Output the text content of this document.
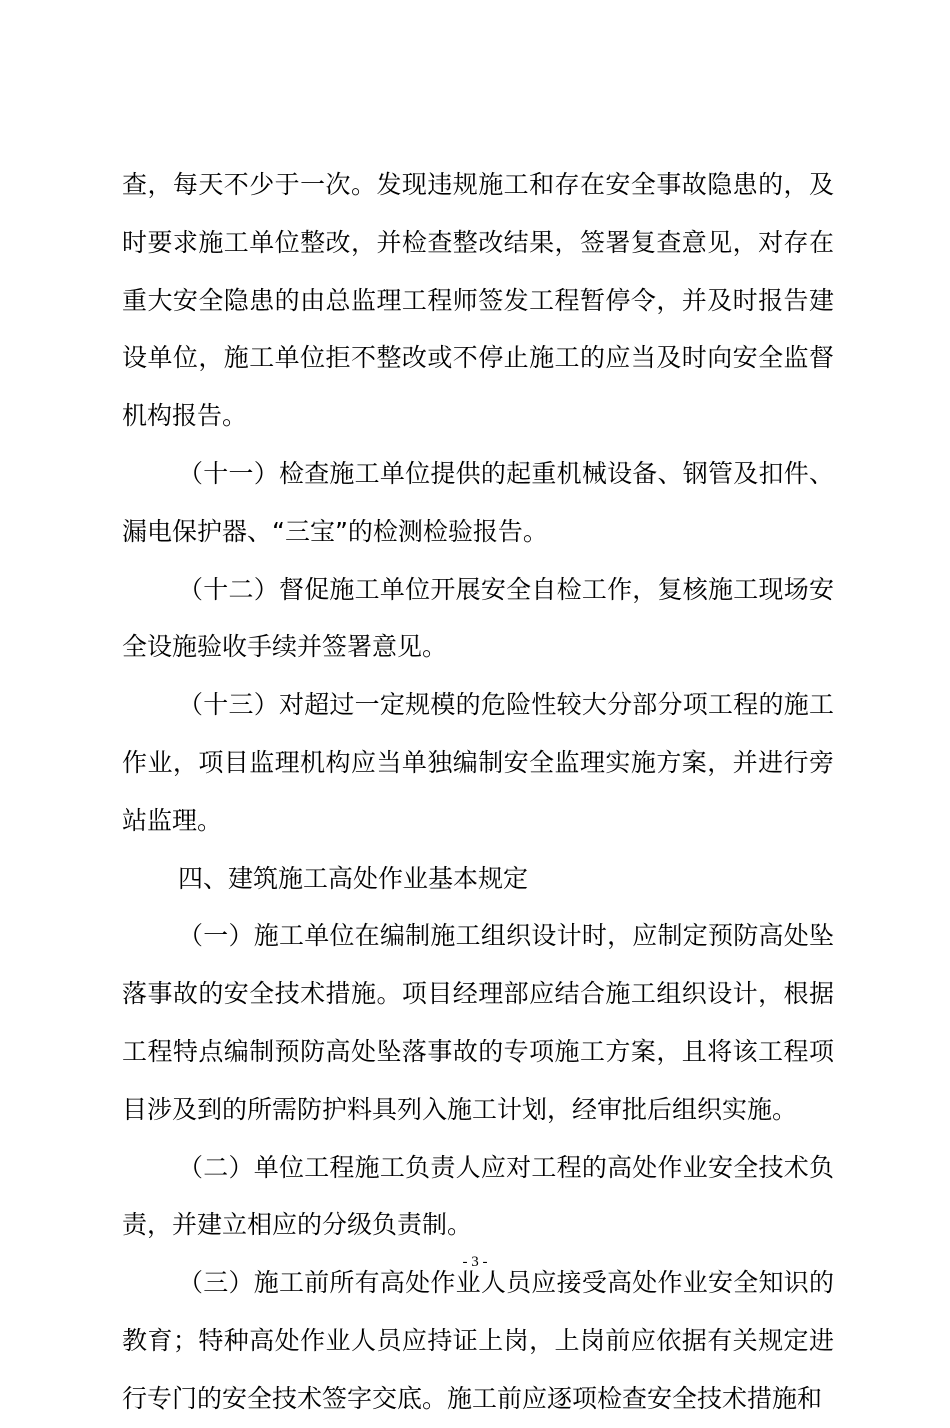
查，每天不少于一次。发现违规施工和存在安全事故隐患的，及时要求施工单位整改，并检查整改结果，签署复查意见，对存在重大安全隐患的由总监理工程师签发工程暂停令，并及时报告建设单位，施工单位拒不整改或不停止施工的应当及时向安全监督机构报告。

（十一）检查施工单位提供的起重机械设备、钢管及扣件、漏电保护器、“三宝”的检测检验报告。

（十二）督促施工单位开展安全自检工作，复核施工现场安全设施验收手续并签署意见。

（十三）对超过一定规模的危险性较大分部分项工程的施工作业，项目监理机构应当单独编制安全监理实施方案，并进行旁站监理。

四、建筑施工高处作业基本规定

（一）施工单位在编制施工组织设计时，应制定预防高处坠落事故的安全技术措施。项目经理部应结合施工组织设计，根据工程特点编制预防高处坠落事故的专项施工方案，且将该工程项目涉及到的所需防护料具列入施工计划，经审批后组织实施。

（二）单位工程施工负责人应对工程的高处作业安全技术负责，并建立相应的分级负责制。

（三）施工前所有高处作业人员应接受高处作业安全知识的教育；特种高处作业人员应持证上岗，上岗前应依据有关规定进行专门的安全技术签字交底。施工前应逐项检查安全技术措施和

- 3 -
